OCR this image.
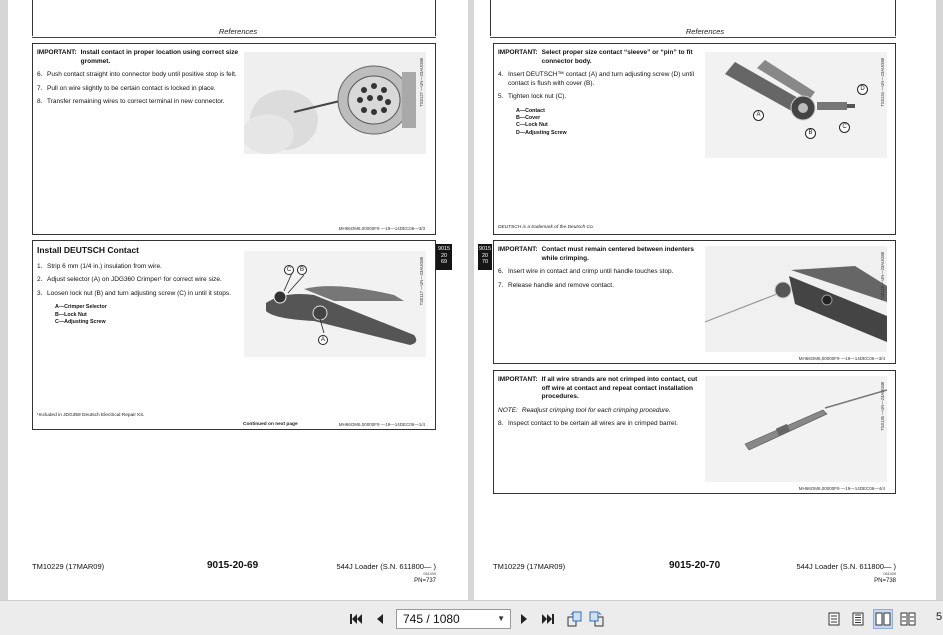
References

IMPORTANT: Install contact in proper location using correct size grommet.

6. Push contact straight into connector body until positive stop is felt.

7. Pull on wire slightly to be certain contact is locked in place.

8. Transfer remaining wires to correct terminal in new connector.	TS0127 —UN—23AUG88
MH66OM6,00000F9 —19—14DEC06—3/3
Install DEUTSCH Contact

1. Strip 6 mm (1/4 in.) insulation from wire.

2. Adjust selector (A) on JDG360 Crimper¹ for correct wire size.

3. Loosen lock nut (B) and turn adjusting screw (C) in until it stops.

A—Crimper Selector
B—Lock Nut
C—Adjusting Screw
TS0117 —UN—23AUG88
C	B
A
¹Included in JDG359 Deutsch Electrical Repair Kit.
Continued on next page	MH66OM6,00000F9 —19—14DEC06—1/4
9015
20
69
TM10229 (17MAR09)	9015-20-69	544J Loader (S.N. 611800— )
061409
PN=737
References

IMPORTANT: Select proper size contact “sleeve” or “pin” to fit connector body.

4. Insert DEUTSCH™ contact (A) and turn adjusting screw (D) until contact is flush with cover (B).

5. Tighten lock nut (C).

A—Contact
B—Cover
C—Lock Nut
D—Adjusting Screw
TS0134 —UN—23AUG88
A
B
C
D
DEUTSCH is a trademark of the Deutsch Co.

IMPORTANT: Contact must remain centered between indenters while crimping.

6. Insert wire in contact and crimp until handle touches stop.

7. Release handle and remove contact.	TS0119 —UN—23AUG88
MH66OM6,00000F9 —19—14DEC06—3/4

IMPORTANT: If all wire strands are not crimped into contact, cut off wire at contact and repeat contact installation procedures.

NOTE: Readjust crimping tool for each crimping procedure.

8. Inspect contact to be certain all wires are in crimped barrel.	TS0135 —UN—23AUG88
MH66OM6,00000F9 —19—14DEC06—4/4
9015
20
70
TM10229 (17MAR09)	9015-20-70	544J Loader (S.N. 611800— )
061409
PN=738
745 / 1080	▼	5
